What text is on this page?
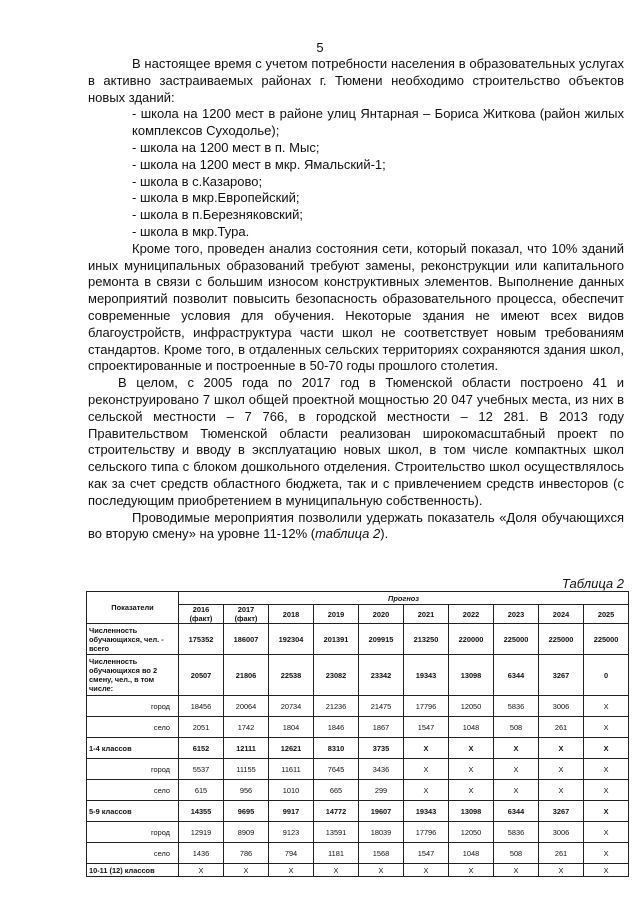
5

В настоящее время с учетом потребности населения в образовательных услугах в активно застраиваемых районах г. Тюмени необходимо строительство объектов новых зданий:

- школа на 1200 мест в районе улиц Янтарная – Бориса Житкова (район жилых комплексов Суходолье);

- школа на 1200 мест в п. Мыс;

- школа на 1200 мест в мкр. Ямальский-1;

- школа в с.Казарово;

- школа в мкр.Европейский;

- школа в п.Березняковский;

- школа в мкр.Тура.

Кроме того, проведен анализ состояния сети, который показал, что 10% зданий иных муниципальных образований требуют замены, реконструкции или капитального ремонта в связи с большим износом конструктивных элементов. Выполнение данных мероприятий позволит повысить безопасность образовательного процесса, обеспечит современные условия для обучения. Некоторые здания не имеют всех видов благоустройств, инфраструктура части школ не соответствует новым требованиям стандартов. Кроме того, в отдаленных сельских территориях сохраняются здания школ, спроектированные и построенные в 50-70 годы прошлого столетия.

В целом, с 2005 года по 2017 год в Тюменской области построено 41 и реконструировано 7 школ общей проектной мощностью 20 047 учебных места, из них в сельской местности – 7 766, в городской местности – 12 281. В 2013 году Правительством Тюменской области реализован широкомасштабный проект по строительству и вводу в эксплуатацию новых школ, в том числе компактных школ сельского типа с блоком дошкольного отделения. Строительство школ осуществлялось как за счет средств областного бюджета, так и с привлечением средств инвесторов (с последующим приобретением в муниципальную собственность).

Проводимые мероприятия позволили удержать показатель «Доля обучающихся во вторую смену» на уровне 11-12% (таблица 2).

Таблица 2
Показатели	Прогноз									
	2016 (факт)	2017 (факт)	2018	2019	2020	2021	2022	2023	2024	2025
Численность обучающихся, чел. - всего	175352	186007	192304	201391	209915	213250	220000	225000	225000	225000
Численность обучающихся во 2 смену, чел., в том числе:	20507	21806	22538	23082	23342	19343	13098	6344	3267	0
город	18456	20064	20734	21236	21475	17796	12050	5836	3006	Х
село	2051	1742	1804	1846	1867	1547	1048	508	261	Х
1-4 классов	6152	12111	12621	8310	3735	Х	Х	Х	Х	Х
город	5537	11155	11611	7645	3436	Х	Х	Х	Х	Х
село	615	956	1010	665	299	Х	Х	Х	Х	Х
5-9 классов	14355	9695	9917	14772	19607	19343	13098	6344	3267	Х
город	12919	8909	9123	13591	18039	17796	12050	5836	3006	Х
село	1436	786	794	1181	1568	1547	1048	508	261	Х
10-11 (12) классов	Х	Х	Х	Х	Х	Х	Х	Х	Х	Х
